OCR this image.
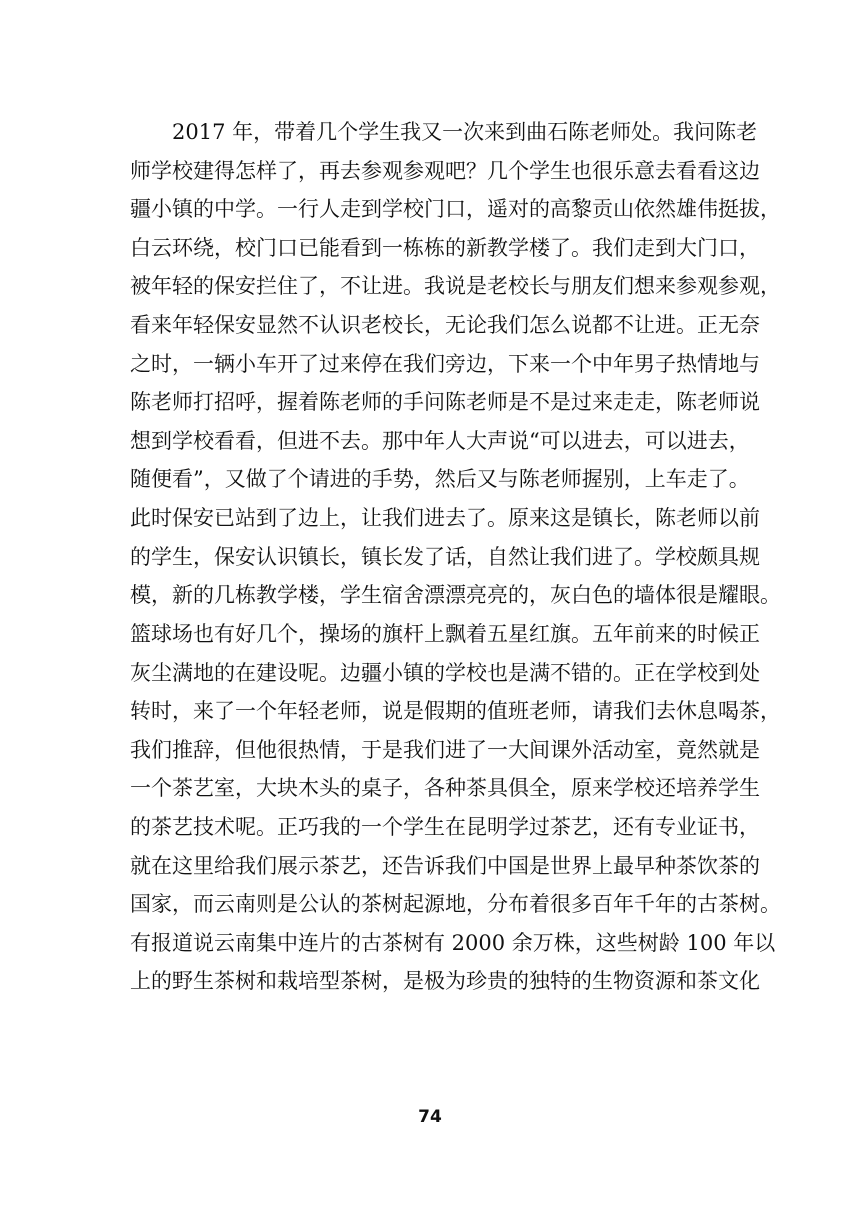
2017 年，带着几个学生我又一次来到曲石陈老师处。我问陈老
师学校建得怎样了，再去参观参观吧？几个学生也很乐意去看看这边
疆小镇的中学。一行人走到学校门口，遥对的高黎贡山依然雄伟挺拔，
白云环绕，校门口已能看到一栋栋的新教学楼了。我们走到大门口，
被年轻的保安拦住了，不让进。我说是老校长与朋友们想来参观参观，
看来年轻保安显然不认识老校长，无论我们怎么说都不让进。正无奈
之时，一辆小车开了过来停在我们旁边，下来一个中年男子热情地与
陈老师打招呼，握着陈老师的手问陈老师是不是过来走走，陈老师说
想到学校看看，但进不去。那中年人大声说“可以进去，可以进去，
随便看”，又做了个请进的手势，然后又与陈老师握别，上车走了。
此时保安已站到了边上，让我们进去了。原来这是镇长，陈老师以前
的学生，保安认识镇长，镇长发了话，自然让我们进了。学校颇具规
模，新的几栋教学楼，学生宿舍漂漂亮亮的，灰白色的墙体很是耀眼。
篮球场也有好几个，操场的旗杆上飘着五星红旗。五年前来的时候正
灰尘满地的在建设呢。边疆小镇的学校也是满不错的。正在学校到处
转时，来了一个年轻老师，说是假期的值班老师，请我们去休息喝茶，
我们推辞，但他很热情，于是我们进了一大间课外活动室，竟然就是
一个茶艺室，大块木头的桌子，各种茶具俱全，原来学校还培养学生
的茶艺技术呢。正巧我的一个学生在昆明学过茶艺，还有专业证书，
就在这里给我们展示茶艺，还告诉我们中国是世界上最早种茶饮茶的
国家，而云南则是公认的茶树起源地，分布着很多百年千年的古茶树。
有报道说云南集中连片的古茶树有 2000 余万株，这些树龄 100 年以
上的野生茶树和栽培型茶树，是极为珍贵的独特的生物资源和茶文化
74
